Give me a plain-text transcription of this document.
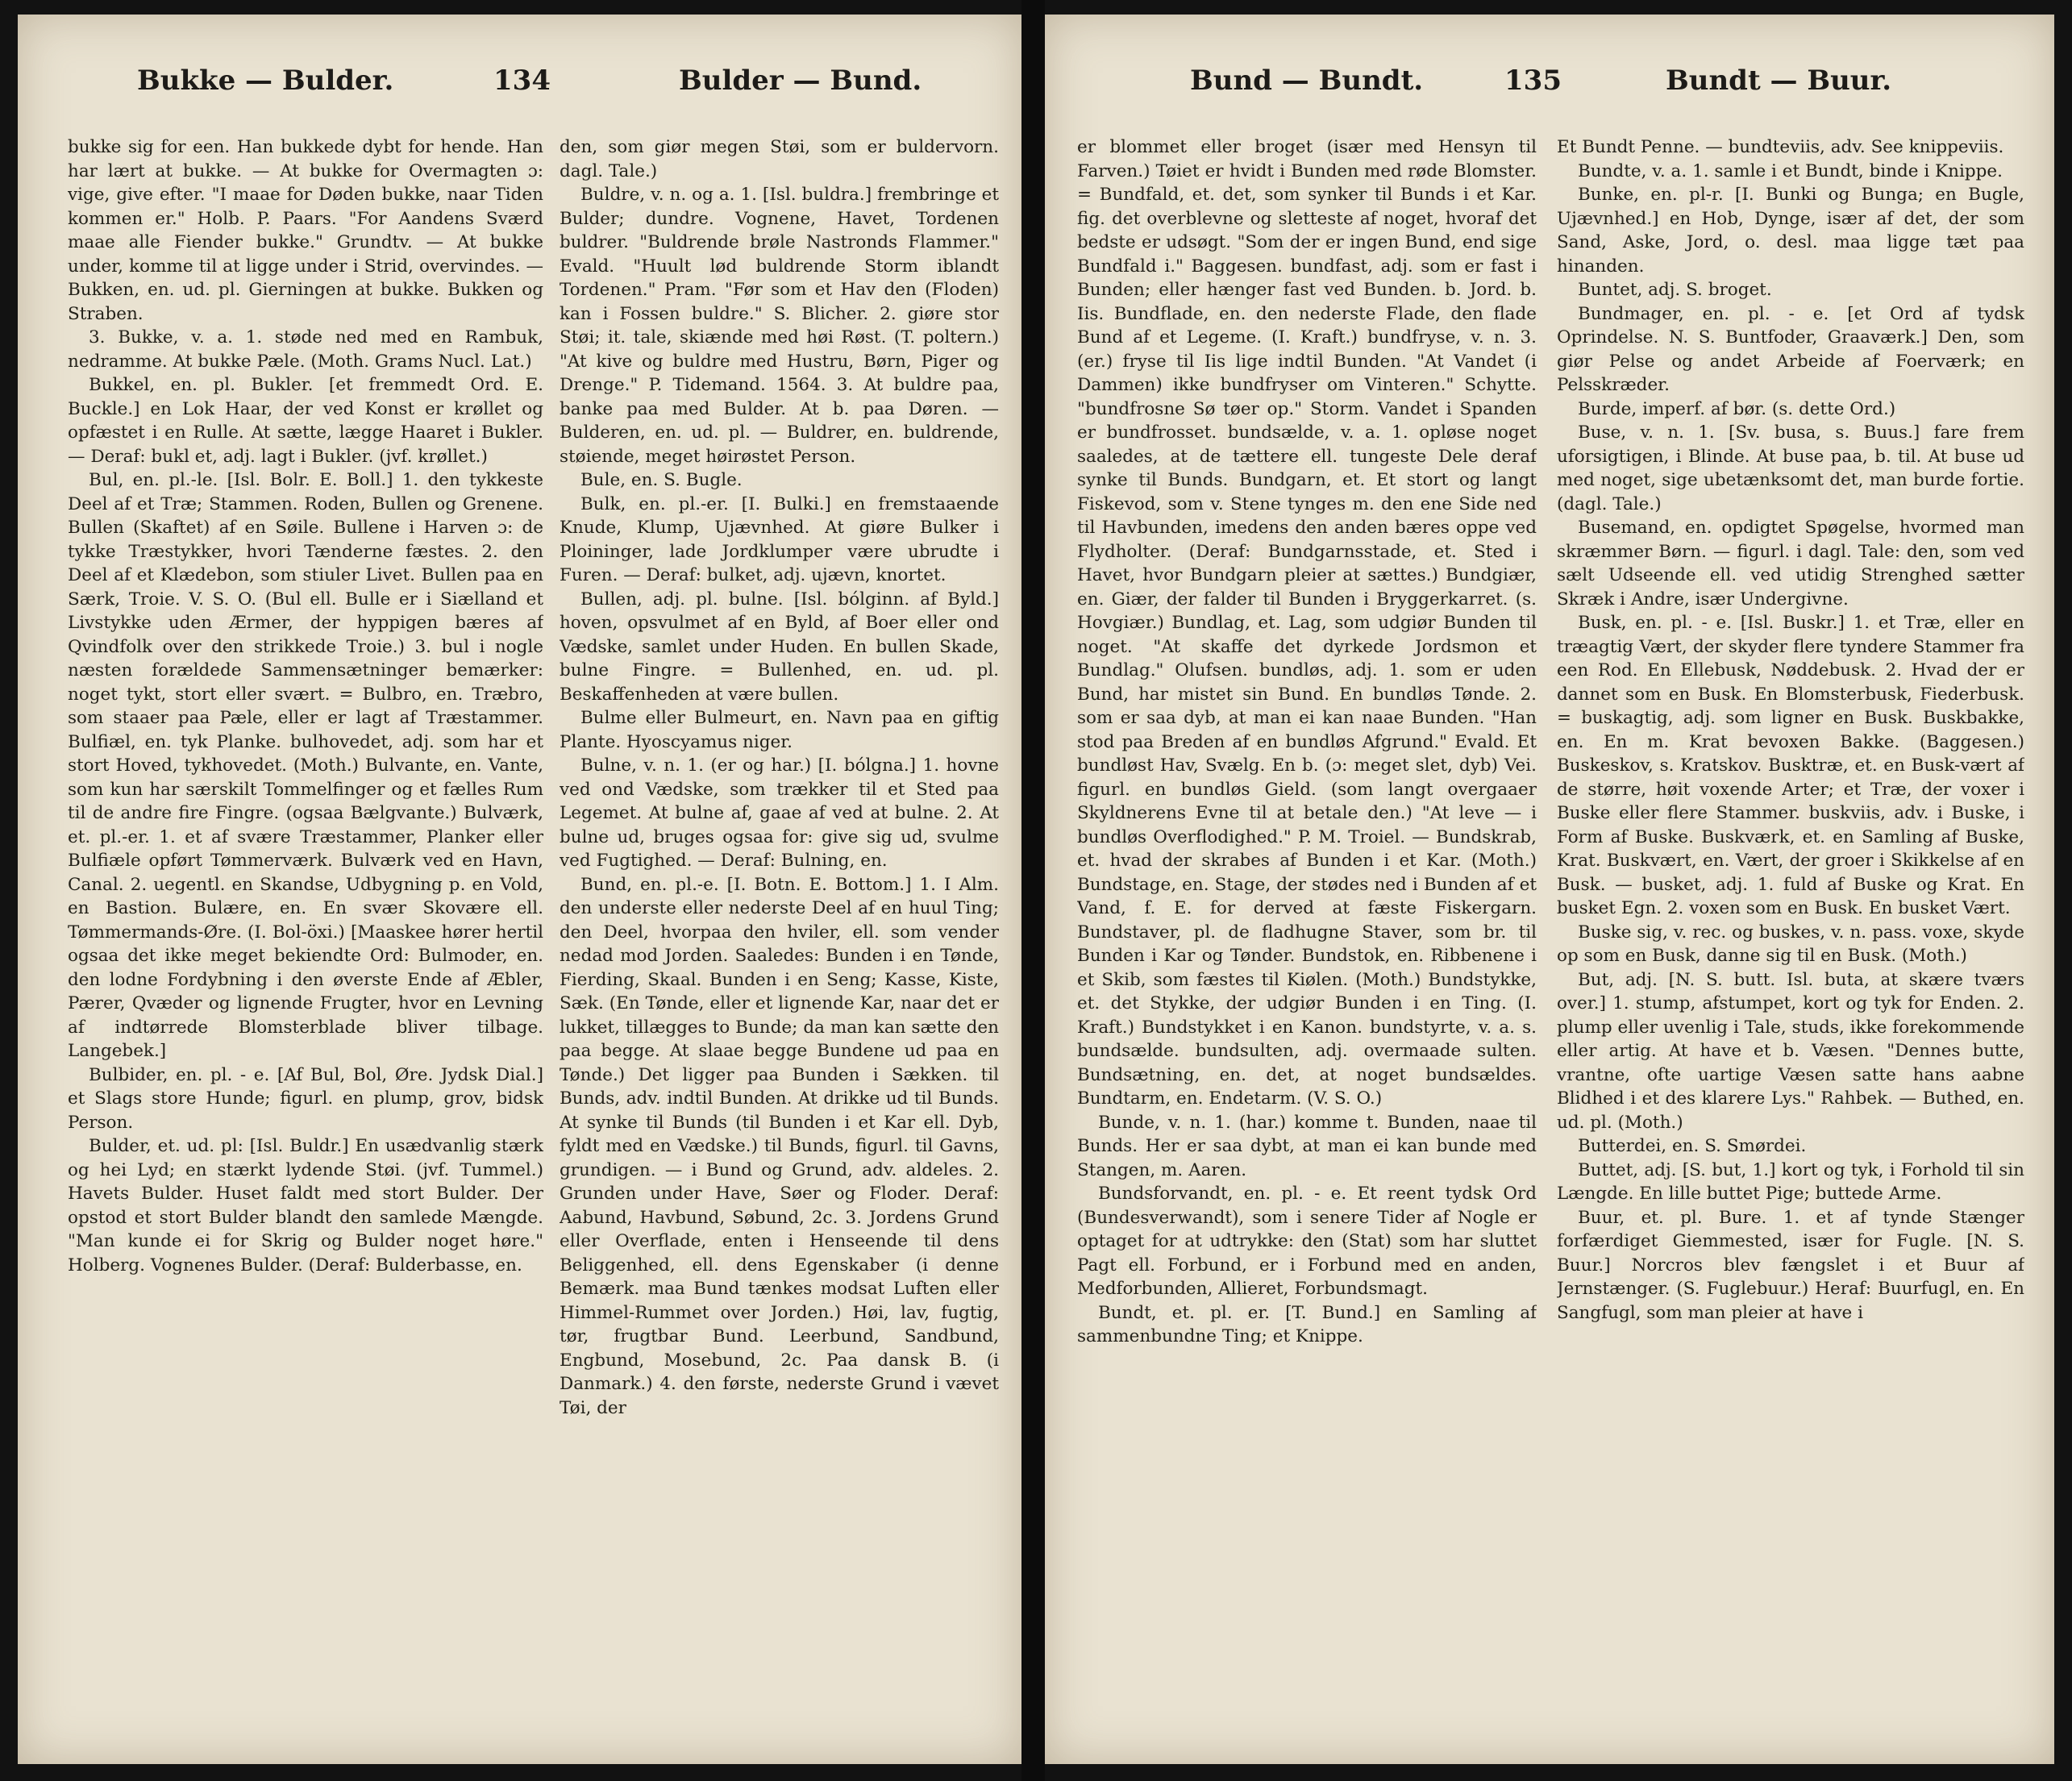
Bukke — Bulder.	134	Bulder — Bund.

bukke sig for een. Han bukkede dybt for hende. Han har lært at bukke. — At bukke for Overmagten ɔ: vige, give efter. "I maae for Døden bukke, naar Tiden kommen er." Holb. P. Paars. "For Aandens Sværd maae alle Fiender bukke." Grundtv. — At bukke under, komme til at ligge under i Strid, overvindes. — Bukken, en. ud. pl. Gierningen at bukke. Bukken og Straben.

3. Bukke, v. a. 1. støde ned med en Rambuk, nedramme. At bukke Pæle. (Moth. Grams Nucl. Lat.)

Bukkel, en. pl. Bukler. [et fremmedt Ord. E. Buckle.] en Lok Haar, der ved Konst er krøllet og opfæstet i en Rulle. At sætte, lægge Haaret i Bukler. — Deraf: bukl et, adj. lagt i Bukler. (jvf. krøllet.)

Bul, en. pl.-le. [Isl. Bolr. E. Boll.] 1. den tykkeste Deel af et Træ; Stammen. Roden, Bullen og Grenene. Bullen (Skaftet) af en Søile. Bullene i Harven ɔ: de tykke Træstykker, hvori Tænderne fæstes. 2. den Deel af et Klædebon, som stiuler Livet. Bullen paa en Særk, Troie. V. S. O. (Bul ell. Bulle er i Siælland et Livstykke uden Ærmer, der hyppigen bæres af Qvindfolk over den strikkede Troie.) 3. bul i nogle næsten forældede Sammensætninger bemærker: noget tykt, stort eller svært. = Bulbro, en. Træbro, som staaer paa Pæle, eller er lagt af Træstammer. Bulfiæl, en. tyk Planke. bulhovedet, adj. som har et stort Hoved, tykhovedet. (Moth.) Bulvante, en. Vante, som kun har særskilt Tommelfinger og et fælles Rum til de andre fire Fingre. (ogsaa Bælgvante.) Bulværk, et. pl.-er. 1. et af svære Træstammer, Planker eller Bulfiæle opført Tømmerværk. Bulværk ved en Havn, Canal. 2. uegentl. en Skandse, Udbygning p. en Vold, en Bastion. Bulære, en. En svær Skovære ell. Tømmermands-Øre. (I. Bol-öxi.) [Maaskee hører hertil ogsaa det ikke meget bekiendte Ord: Bulmoder, en. den lodne Fordybning i den øverste Ende af Æbler, Pærer, Qvæder og lignende Frugter, hvor en Levning af indtørrede Blomsterblade bliver tilbage. Langebek.]

Bulbider, en. pl. - e. [Af Bul, Bol, Øre. Jydsk Dial.] et Slags store Hunde; figurl. en plump, grov, bidsk Person.

Bulder, et. ud. pl: [Isl. Buldr.] En usædvanlig stærk og hei Lyd; en stærkt lydende Støi. (jvf. Tummel.) Havets Bulder. Huset faldt med stort Bulder. Der opstod et stort Bulder blandt den samlede Mængde. "Man kunde ei for Skrig og Bulder noget høre." Holberg. Vognenes Bulder. (Deraf: Bulderbasse, en.

den, som giør megen Støi, som er buldervorn. dagl. Tale.)

Buldre, v. n. og a. 1. [Isl. buldra.] frembringe et Bulder; dundre. Vognene, Havet, Tordenen buldrer. "Buldrende brøle Nastronds Flammer." Evald. "Huult lød buldrende Storm iblandt Tordenen." Pram. "Før som et Hav den (Floden) kan i Fossen buldre." S. Blicher. 2. giøre stor Støi; it. tale, skiænde med høi Røst. (T. poltern.) "At kive og buldre med Hustru, Børn, Piger og Drenge." P. Tidemand. 1564. 3. At buldre paa, banke paa med Bulder. At b. paa Døren. — Bulderen, en. ud. pl. — Buldrer, en. buldrende, støiende, meget høirøstet Person.

Bule, en. S. Bugle.

Bulk, en. pl.-er. [I. Bulki.] en fremstaaende Knude, Klump, Ujævnhed. At giøre Bulker i Ploininger, lade Jordklumper være ubrudte i Furen. — Deraf: bulket, adj. ujævn, knortet.

Bullen, adj. pl. bulne. [Isl. bólginn. af Byld.] hoven, opsvulmet af en Byld, af Boer eller ond Vædske, samlet under Huden. En bullen Skade, bulne Fingre. = Bullenhed, en. ud. pl. Beskaffenheden at være bullen.

Bulme eller Bulmeurt, en. Navn paa en giftig Plante. Hyoscyamus niger.

Bulne, v. n. 1. (er og har.) [I. bólgna.] 1. hovne ved ond Vædske, som trækker til et Sted paa Legemet. At bulne af, gaae af ved at bulne. 2. At bulne ud, bruges ogsaa for: give sig ud, svulme ved Fugtighed. — Deraf: Bulning, en.

Bund, en. pl.-e. [I. Botn. E. Bottom.] 1. I Alm. den underste eller nederste Deel af en huul Ting; den Deel, hvorpaa den hviler, ell. som vender nedad mod Jorden. Saaledes: Bunden i en Tønde, Fierding, Skaal. Bunden i en Seng; Kasse, Kiste, Sæk. (En Tønde, eller et lignende Kar, naar det er lukket, tillægges to Bunde; da man kan sætte den paa begge. At slaae begge Bundene ud paa en Tønde.) Det ligger paa Bunden i Sækken. til Bunds, adv. indtil Bunden. At drikke ud til Bunds. At synke til Bunds (til Bunden i et Kar ell. Dyb, fyldt med en Vædske.) til Bunds, figurl. til Gavns, grundigen. — i Bund og Grund, adv. aldeles. 2. Grunden under Have, Søer og Floder. Deraf: Aabund, Havbund, Søbund, 2c. 3. Jordens Grund eller Overflade, enten i Henseende til dens Beliggenhed, ell. dens Egenskaber (i denne Bemærk. maa Bund tænkes modsat Luften eller Himmel-Rummet over Jorden.) Høi, lav, fugtig, tør, frugtbar Bund. Leerbund, Sandbund, Engbund, Mosebund, 2c. Paa dansk B. (i Danmark.) 4. den første, nederste Grund i vævet Tøi, der

Bund — Bundt.	135	Bundt — Buur.

er blommet eller broget (især med Hensyn til Farven.) Tøiet er hvidt i Bunden med røde Blomster. = Bundfald, et. det, som synker til Bunds i et Kar. fig. det overblevne og sletteste af noget, hvoraf det bedste er udsøgt. "Som der er ingen Bund, end sige Bundfald i." Baggesen. bundfast, adj. som er fast i Bunden; eller hænger fast ved Bunden. b. Jord. b. Iis. Bundflade, en. den nederste Flade, den flade Bund af et Legeme. (I. Kraft.) bundfryse, v. n. 3. (er.) fryse til Iis lige indtil Bunden. "At Vandet (i Dammen) ikke bundfryser om Vinteren." Schytte. "bundfrosne Sø tøer op." Storm. Vandet i Spanden er bundfrosset. bundsælde, v. a. 1. opløse noget saaledes, at de tættere ell. tungeste Dele deraf synke til Bunds. Bundgarn, et. Et stort og langt Fiskevod, som v. Stene tynges m. den ene Side ned til Havbunden, imedens den anden bæres oppe ved Flydholter. (Deraf: Bundgarnsstade, et. Sted i Havet, hvor Bundgarn pleier at sættes.) Bundgiær, en. Giær, der falder til Bunden i Bryggerkarret. (s. Hovgiær.) Bundlag, et. Lag, som udgiør Bunden til noget. "At skaffe det dyrkede Jordsmon et Bundlag." Olufsen. bundløs, adj. 1. som er uden Bund, har mistet sin Bund. En bundløs Tønde. 2. som er saa dyb, at man ei kan naae Bunden. "Han stod paa Breden af en bundløs Afgrund." Evald. Et bundløst Hav, Svælg. En b. (ɔ: meget slet, dyb) Vei. figurl. en bundløs Gield. (som langt overgaaer Skyldnerens Evne til at betale den.) "At leve — i bundløs Overflodighed." P. M. Troiel. — Bundskrab, et. hvad der skrabes af Bunden i et Kar. (Moth.) Bundstage, en. Stage, der stødes ned i Bunden af et Vand, f. E. for derved at fæste Fiskergarn. Bundstaver, pl. de fladhugne Staver, som br. til Bunden i Kar og Tønder. Bundstok, en. Ribbenene i et Skib, som fæstes til Kiølen. (Moth.) Bundstykke, et. det Stykke, der udgiør Bunden i en Ting. (I. Kraft.) Bundstykket i en Kanon. bundstyrte, v. a. s. bundsælde. bundsulten, adj. overmaade sulten. Bundsætning, en. det, at noget bundsældes. Bundtarm, en. Endetarm. (V. S. O.)

Bunde, v. n. 1. (har.) komme t. Bunden, naae til Bunds. Her er saa dybt, at man ei kan bunde med Stangen, m. Aaren.

Bundsforvandt, en. pl. - e. Et reent tydsk Ord (Bundesverwandt), som i senere Tider af Nogle er optaget for at udtrykke: den (Stat) som har sluttet Pagt ell. Forbund, er i Forbund med en anden, Medforbunden, Allieret, Forbundsmagt.

Bundt, et. pl. er. [T. Bund.] en Samling af sammenbundne Ting; et Knippe.

Et Bundt Penne. — bundteviis, adv. See knippeviis.

Bundte, v. a. 1. samle i et Bundt, binde i Knippe.

Bunke, en. pl-r. [I. Bunki og Bunga; en Bugle, Ujævnhed.] en Hob, Dynge, især af det, der som Sand, Aske, Jord, o. desl. maa ligge tæt paa hinanden.

Buntet, adj. S. broget.

Bundmager, en. pl. - e. [et Ord af tydsk Oprindelse. N. S. Buntfoder, Graaværk.] Den, som giør Pelse og andet Arbeide af Foerværk; en Pelsskræder.

Burde, imperf. af bør. (s. dette Ord.)

Buse, v. n. 1. [Sv. busa, s. Buus.] fare frem uforsigtigen, i Blinde. At buse paa, b. til. At buse ud med noget, sige ubetænksomt det, man burde fortie. (dagl. Tale.)

Busemand, en. opdigtet Spøgelse, hvormed man skræmmer Børn. — figurl. i dagl. Tale: den, som ved sælt Udseende ell. ved utidig Strenghed sætter Skræk i Andre, især Undergivne.

Busk, en. pl. - e. [Isl. Buskr.] 1. et Træ, eller en træagtig Vært, der skyder flere tyndere Stammer fra een Rod. En Ellebusk, Nøddebusk. 2. Hvad der er dannet som en Busk. En Blomsterbusk, Fiederbusk. = buskagtig, adj. som ligner en Busk. Buskbakke, en. En m. Krat bevoxen Bakke. (Baggesen.) Buskeskov, s. Kratskov. Busktræ, et. en Busk-vært af de større, høit voxende Arter; et Træ, der voxer i Buske eller flere Stammer. buskviis, adv. i Buske, i Form af Buske. Buskværk, et. en Samling af Buske, Krat. Buskvært, en. Vært, der groer i Skikkelse af en Busk. — busket, adj. 1. fuld af Buske og Krat. En busket Egn. 2. voxen som en Busk. En busket Vært.

Buske sig, v. rec. og buskes, v. n. pass. voxe, skyde op som en Busk, danne sig til en Busk. (Moth.)

But, adj. [N. S. butt. Isl. buta, at skære tværs over.] 1. stump, afstumpet, kort og tyk for Enden. 2. plump eller uvenlig i Tale, studs, ikke forekommende eller artig. At have et b. Væsen. "Dennes butte, vrantne, ofte uartige Væsen satte hans aabne Blidhed i et des klarere Lys." Rahbek. — Buthed, en. ud. pl. (Moth.)

Butterdei, en. S. Smørdei.

Buttet, adj. [S. but, 1.] kort og tyk, i Forhold til sin Længde. En lille buttet Pige; buttede Arme.

Buur, et. pl. Bure. 1. et af tynde Stænger forfærdiget Giemmested, især for Fugle. [N. S. Buur.] Norcros blev fængslet i et Buur af Jernstænger. (S. Fuglebuur.) Heraf: Buurfugl, en. En Sangfugl, som man pleier at have i
